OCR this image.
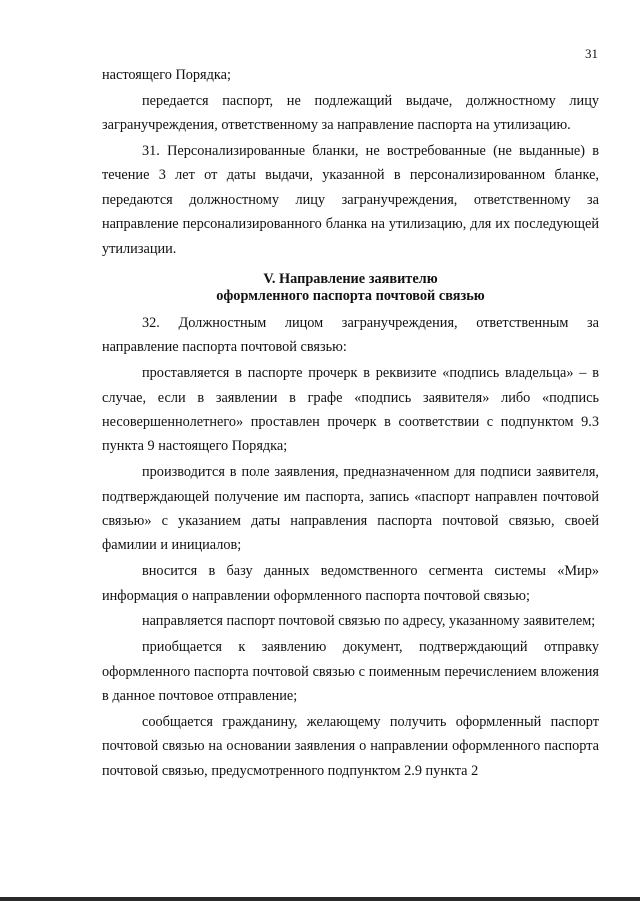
31

настоящего Порядка;

передается паспорт, не подлежащий выдаче, должностному лицу загранучреждения, ответственному за направление паспорта на утилизацию.

31. Персонализированные бланки, не востребованные (не выданные) в течение 3 лет от даты выдачи, указанной в персонализированном бланке, передаются должностному лицу загранучреждения, ответственному за направление персонализированного бланка на утилизацию, для их последующей утилизации.

V. Направление заявителю
оформленного паспорта почтовой связью

32. Должностным лицом загранучреждения, ответственным за направление паспорта почтовой связью:

проставляется в паспорте прочерк в реквизите «подпись владельца» – в случае, если в заявлении в графе «подпись заявителя» либо «подпись несовершеннолетнего» проставлен прочерк в соответствии с подпунктом 9.3 пункта 9 настоящего Порядка;

производится в поле заявления, предназначенном для подписи заявителя, подтверждающей получение им паспорта, запись «паспорт направлен почтовой связью» с указанием даты направления паспорта почтовой связью, своей фамилии и инициалов;

вносится в базу данных ведомственного сегмента системы «Мир» информация о направлении оформленного паспорта почтовой связью;

направляется паспорт почтовой связью по адресу, указанному заявителем;

приобщается к заявлению документ, подтверждающий отправку оформленного паспорта почтовой связью с поименным перечислением вложения в данное почтовое отправление;

сообщается гражданину, желающему получить оформленный паспорт почтовой связью на основании заявления о направлении оформленного паспорта почтовой связью, предусмотренного подпунктом 2.9 пункта 2
